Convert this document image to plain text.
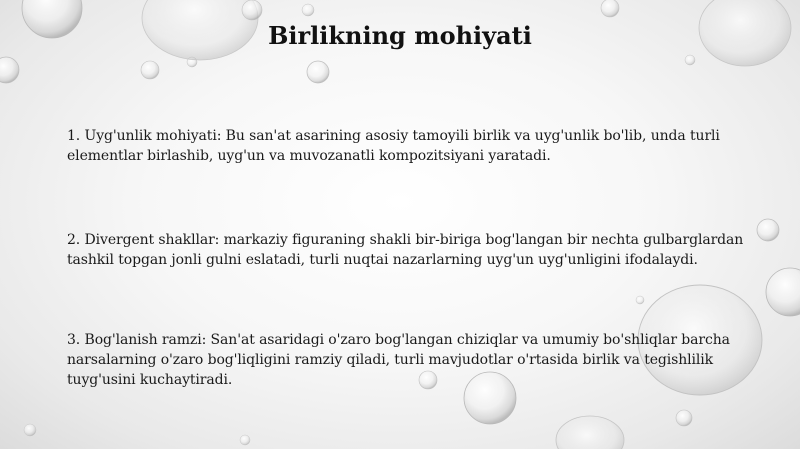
Birlikning mohiyati

1. Uyg'unlik mohiyati: Bu san'at asarining asosiy tamoyili birlik va uyg'unlik bo'lib, unda turli elementlar birlashib, uyg'un va muvozanatli kompozitsiyani yaratadi.

2. Divergent shakllar: markaziy figuraning shakli bir-biriga bog'langan bir nechta gulbarglardan tashkil topgan jonli gulni eslatadi, turli nuqtai nazarlarning uyg'un uyg'unligini ifodalaydi.

3. Bog'lanish ramzi: San'at asaridagi o'zaro bog'langan chiziqlar va umumiy bo'shliqlar barcha narsalarning o'zaro bog'liqligini ramziy qiladi, turli mavjudotlar o'rtasida birlik va tegishlilik tuyg'usini kuchaytiradi.
